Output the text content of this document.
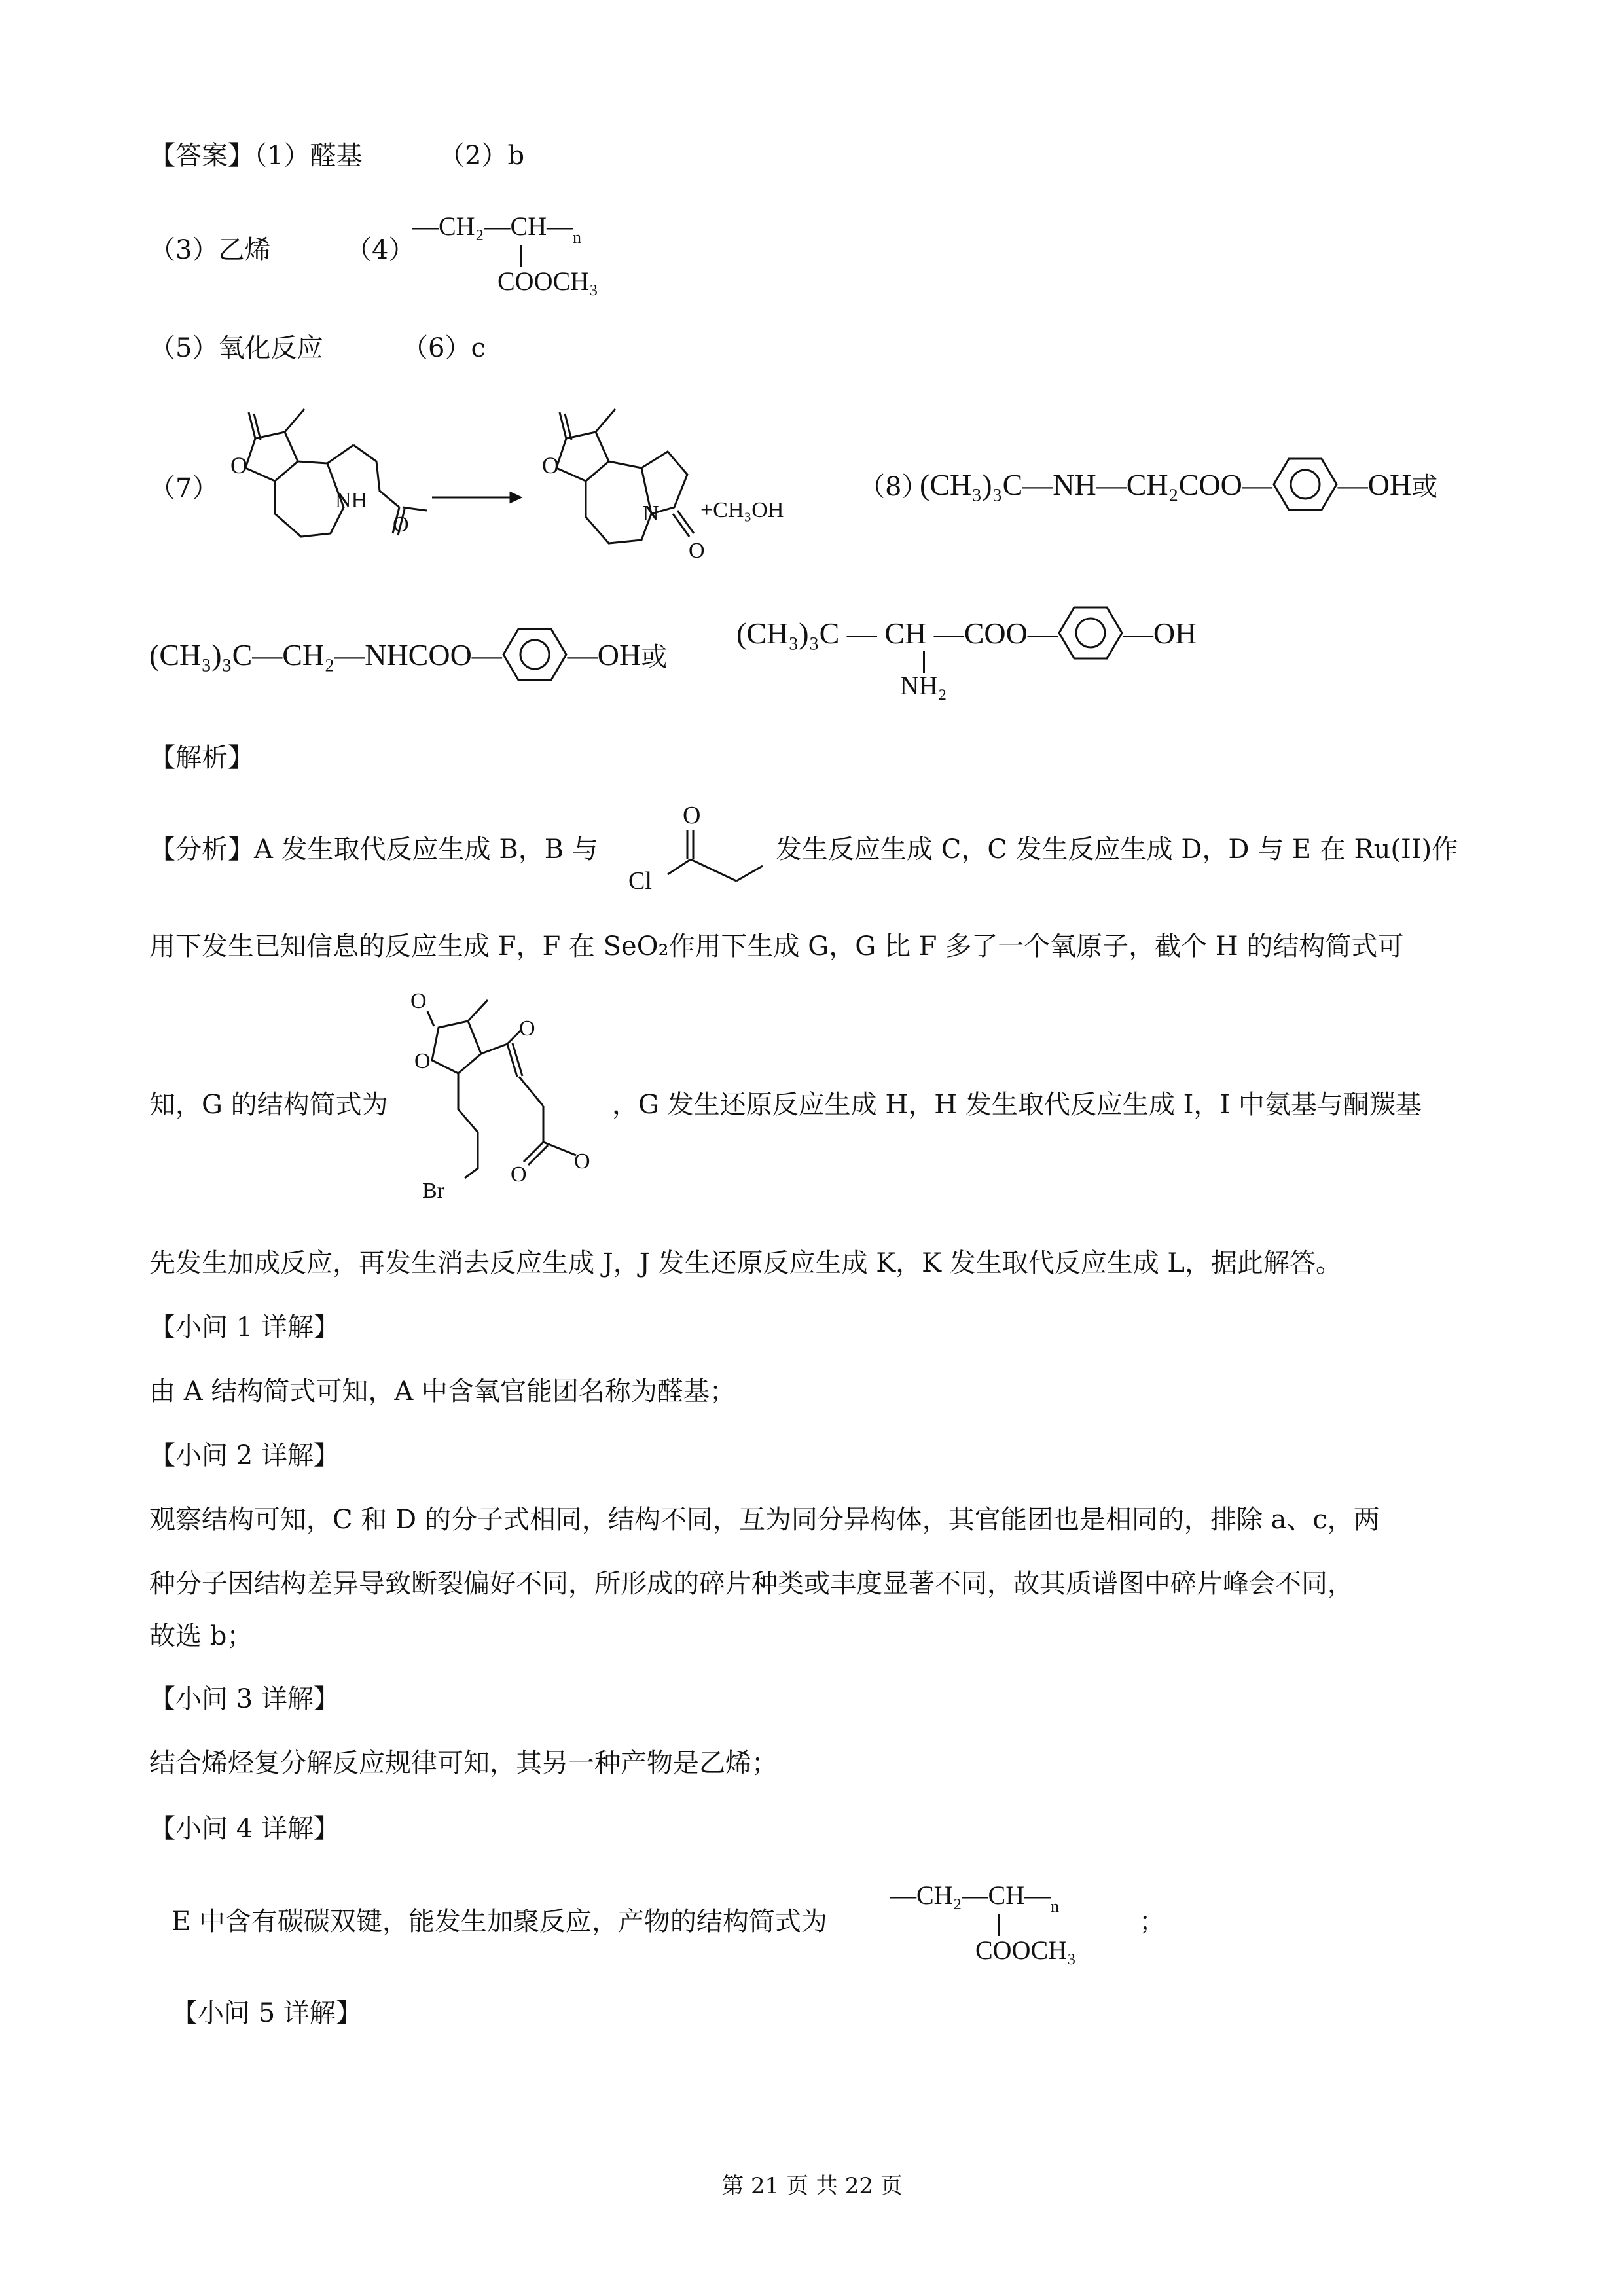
【答案】（1）醛基	（2）b
（3）乙烯	（4）
—CH₂—CH— n
COOCH₃
（5）氧化反应	（6）c
（7）
O
NH
O
O
N
O
+CH₃OH
（8）
(CH₃)₃C—NH—CH₂COO— —OH 或
(CH₃)₃C—CH₂—NHCOO— —OH 或
(CH₃)₃C — CH —COO— —OH
NH₂
【解析】
【分析】A 发生取代反应生成 B，B 与
O
Cl
发生反应生成 C，C 发生反应生成 D，D 与 E 在 Ru(II)作
用下发生已知信息的反应生成 F，F 在 SeO₂作用下生成 G，G 比 F 多了一个氧原子，截个 H 的结构简式可
知，G 的结构简式为
O
O
O
O
O
Br
，G 发生还原反应生成 H，H 发生取代反应生成 I，I 中氨基与酮羰基
先发生加成反应，再发生消去反应生成 J，J 发生还原反应生成 K，K 发生取代反应生成 L，据此解答。
【小问 1 详解】
由 A 结构简式可知，A 中含氧官能团名称为醛基；
【小问 2 详解】
观察结构可知，C 和 D 的分子式相同，结构不同，互为同分异构体，其官能团也是相同的，排除 a、c，两
种分子因结构差异导致断裂偏好不同，所形成的碎片种类或丰度显著不同，故其质谱图中碎片峰会不同，
故选 b；
【小问 3 详解】
结合烯烃复分解反应规律可知，其另一种产物是乙烯；
【小问 4 详解】
E 中含有碳碳双键，能发生加聚反应，产物的结构简式为
—CH₂—CH— n
COOCH₃
；
【小问 5 详解】
第 21 页 共 22 页
